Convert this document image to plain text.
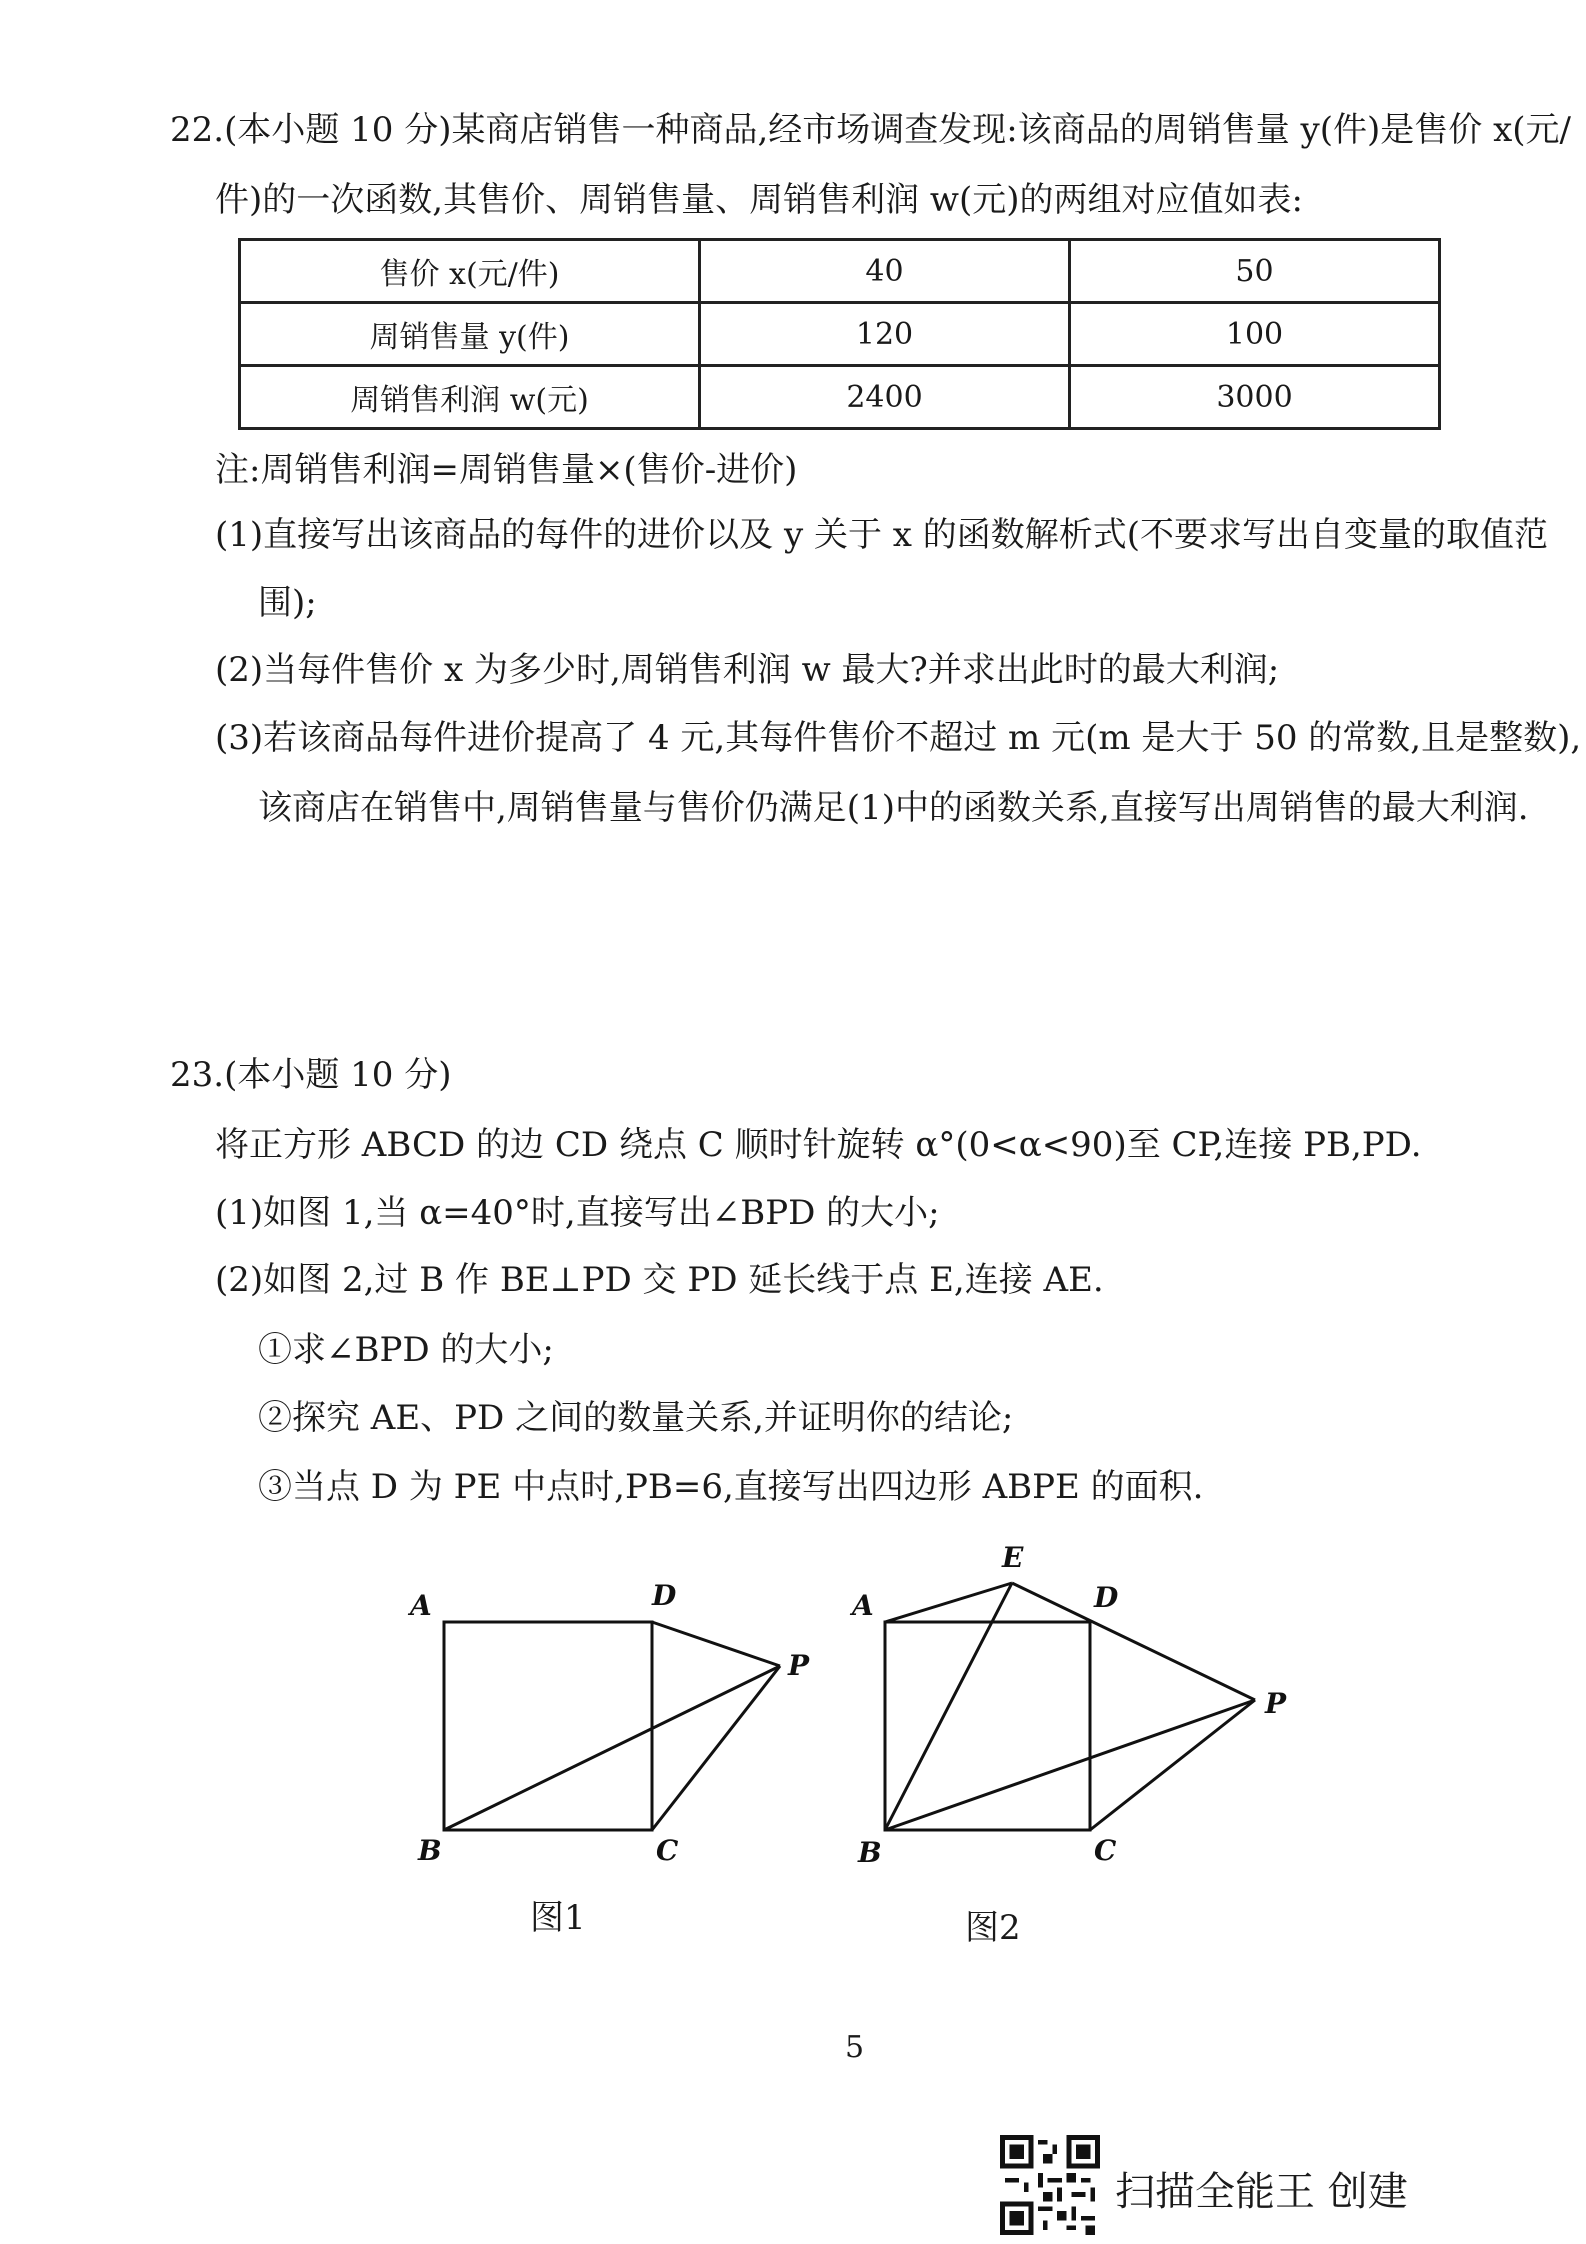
22.(本小题 10 分)某商店销售一种商品,经市场调查发现:该商品的周销售量 y(件)是售价 x(元/
件)的一次函数,其售价、周销售量、周销售利润 w(元)的两组对应值如表:
售价 x(元/件)	40	50
周销售量 y(件)	120	100
周销售利润 w(元)	2400	3000
注:周销售利润=周销售量×(售价-进价)
(1)直接写出该商品的每件的进价以及 y 关于 x 的函数解析式(不要求写出自变量的取值范
围);
(2)当每件售价 x 为多少时,周销售利润 w 最大?并求出此时的最大利润;
(3)若该商品每件进价提高了 4 元,其每件售价不超过 m 元(m 是大于 50 的常数,且是整数),
该商店在销售中,周销售量与售价仍满足(1)中的函数关系,直接写出周销售的最大利润.
23.(本小题 10 分)
将正方形 ABCD 的边 CD 绕点 C 顺时针旋转 α°(0<α<90)至 CP,连接 PB,PD.
(1)如图 1,当 α=40°时,直接写出∠BPD 的大小;
(2)如图 2,过 B 作 BE⊥PD 交 PD 延长线于点 E,连接 AE.
①求∠BPD 的大小;
②探究 AE、PD 之间的数量关系,并证明你的结论;
③当点 D 为 PE 中点时,PB=6,直接写出四边形 ABPE 的面积.
A	D
P
B	C
图1
E
A	D
P
B	C
图2
5
扫描全能王 创建
